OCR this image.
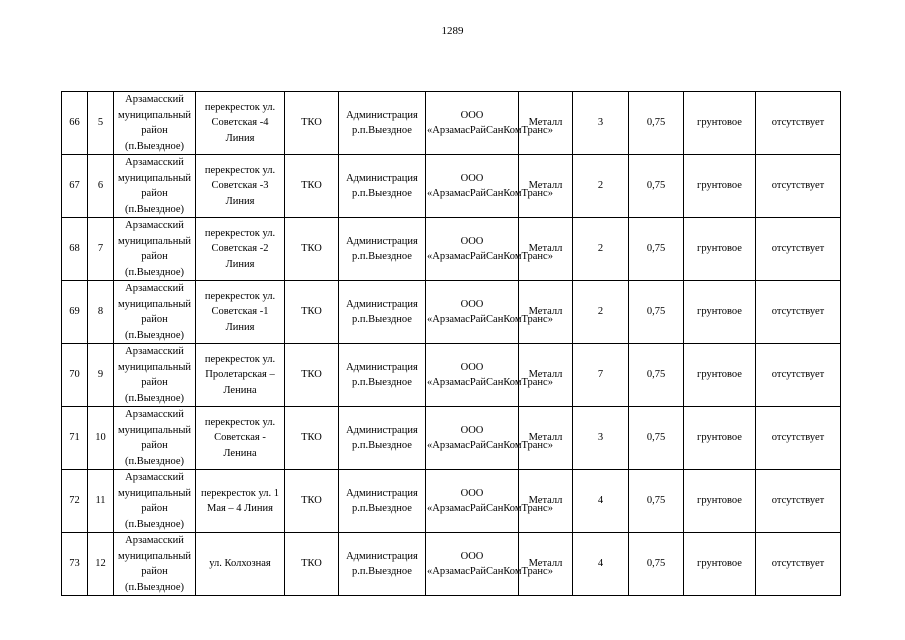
1289
66	5	Арзамасский муниципальный район (п.Выездное)	перекресток ул. Советская -4 Линия	ТКО	Администрация р.п.Выездное	ООО «АрзамасРайСанКомТранс»	Металл	3	0,75	грунтовое	отсутствует
67	6	Арзамасский муниципальный район (п.Выездное)	перекресток ул. Советская -3 Линия	ТКО	Администрация р.п.Выездное	ООО «АрзамасРайСанКомТранс»	Металл	2	0,75	грунтовое	отсутствует
68	7	Арзамасский муниципальный район (п.Выездное)	перекресток ул. Советская -2 Линия	ТКО	Администрация р.п.Выездное	ООО «АрзамасРайСанКомТранс»	Металл	2	0,75	грунтовое	отсутствует
69	8	Арзамасский муниципальный район (п.Выездное)	перекресток ул. Советская -1 Линия	ТКО	Администрация р.п.Выездное	ООО «АрзамасРайСанКомТранс»	Металл	2	0,75	грунтовое	отсутствует
70	9	Арзамасский муниципальный район (п.Выездное)	перекресток ул. Пролетарская – Ленина	ТКО	Администрация р.п.Выездное	ООО «АрзамасРайСанКомТранс»	Металл	7	0,75	грунтовое	отсутствует
71	10	Арзамасский муниципальный район (п.Выездное)	перекресток ул. Советская - Ленина	ТКО	Администрация р.п.Выездное	ООО «АрзамасРайСанКомТранс»	Металл	3	0,75	грунтовое	отсутствует
72	11	Арзамасский муниципальный район (п.Выездное)	перекресток ул. 1 Мая – 4 Линия	ТКО	Администрация р.п.Выездное	ООО «АрзамасРайСанКомТранс»	Металл	4	0,75	грунтовое	отсутствует
73	12	Арзамасский муниципальный район (п.Выездное)	ул. Колхозная	ТКО	Администрация р.п.Выездное	ООО «АрзамасРайСанКомТранс»	Металл	4	0,75	грунтовое	отсутствует
